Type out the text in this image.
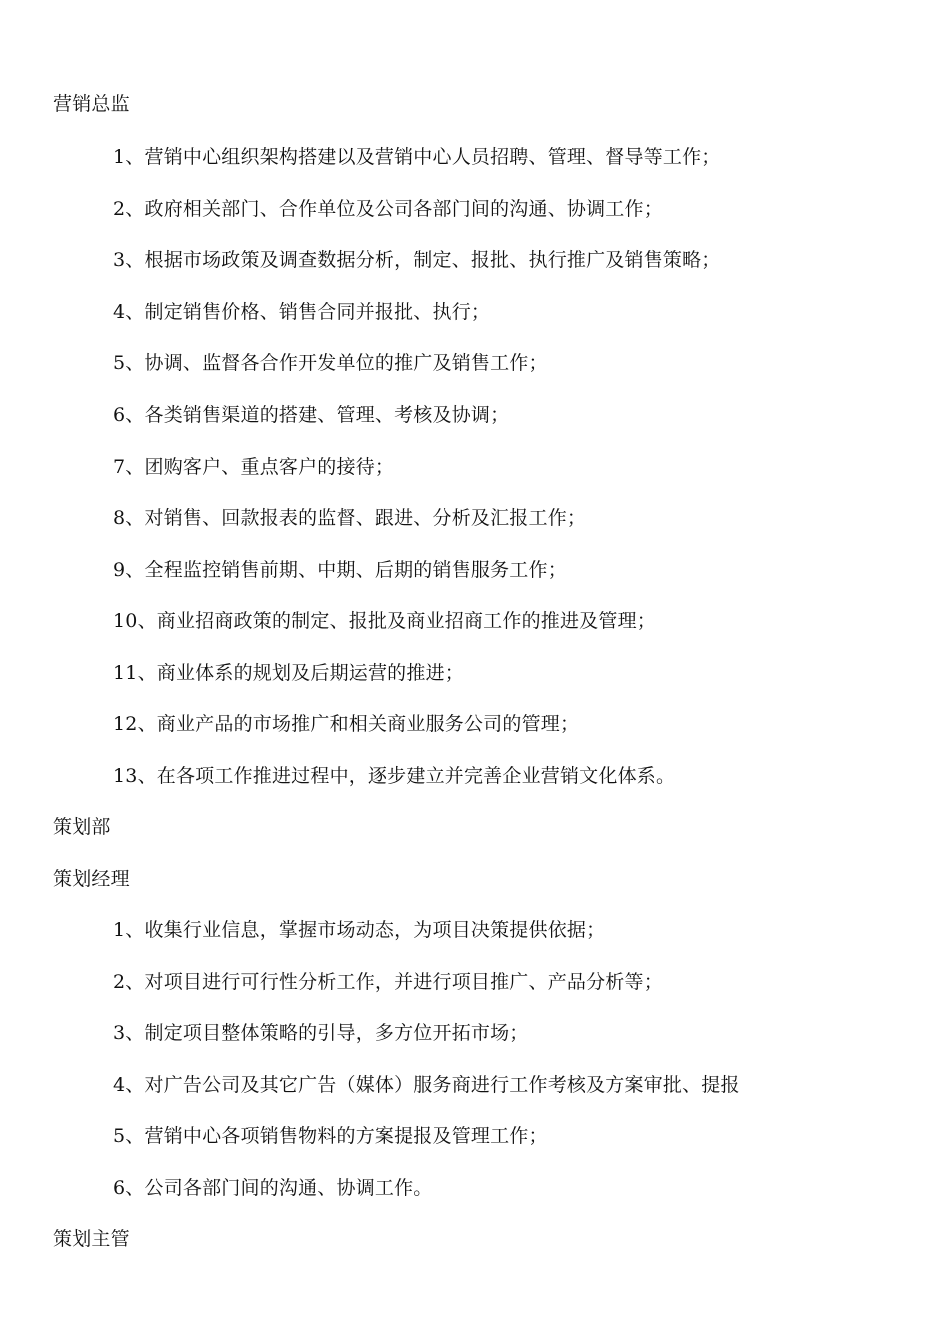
营销总监
1、营销中心组织架构搭建以及营销中心人员招聘、管理、督导等工作；
2、政府相关部门、合作单位及公司各部门间的沟通、协调工作；
3、根据市场政策及调查数据分析，制定、报批、执行推广及销售策略；
4、制定销售价格、销售合同并报批、执行；
5、协调、监督各合作开发单位的推广及销售工作；
6、各类销售渠道的搭建、管理、考核及协调；
7、团购客户、重点客户的接待；
8、对销售、回款报表的监督、跟进、分析及汇报工作；
9、全程监控销售前期、中期、后期的销售服务工作；
10、商业招商政策的制定、报批及商业招商工作的推进及管理；
11、商业体系的规划及后期运营的推进；
12、商业产品的市场推广和相关商业服务公司的管理；
13、在各项工作推进过程中，逐步建立并完善企业营销文化体系。
策划部
策划经理
1、收集行业信息，掌握市场动态，为项目决策提供依据；
2、对项目进行可行性分析工作，并进行项目推广、产品分析等；
3、制定项目整体策略的引导，多方位开拓市场；
4、对广告公司及其它广告（媒体）服务商进行工作考核及方案审批、提报
5、营销中心各项销售物料的方案提报及管理工作；
6、公司各部门间的沟通、协调工作。
策划主管
